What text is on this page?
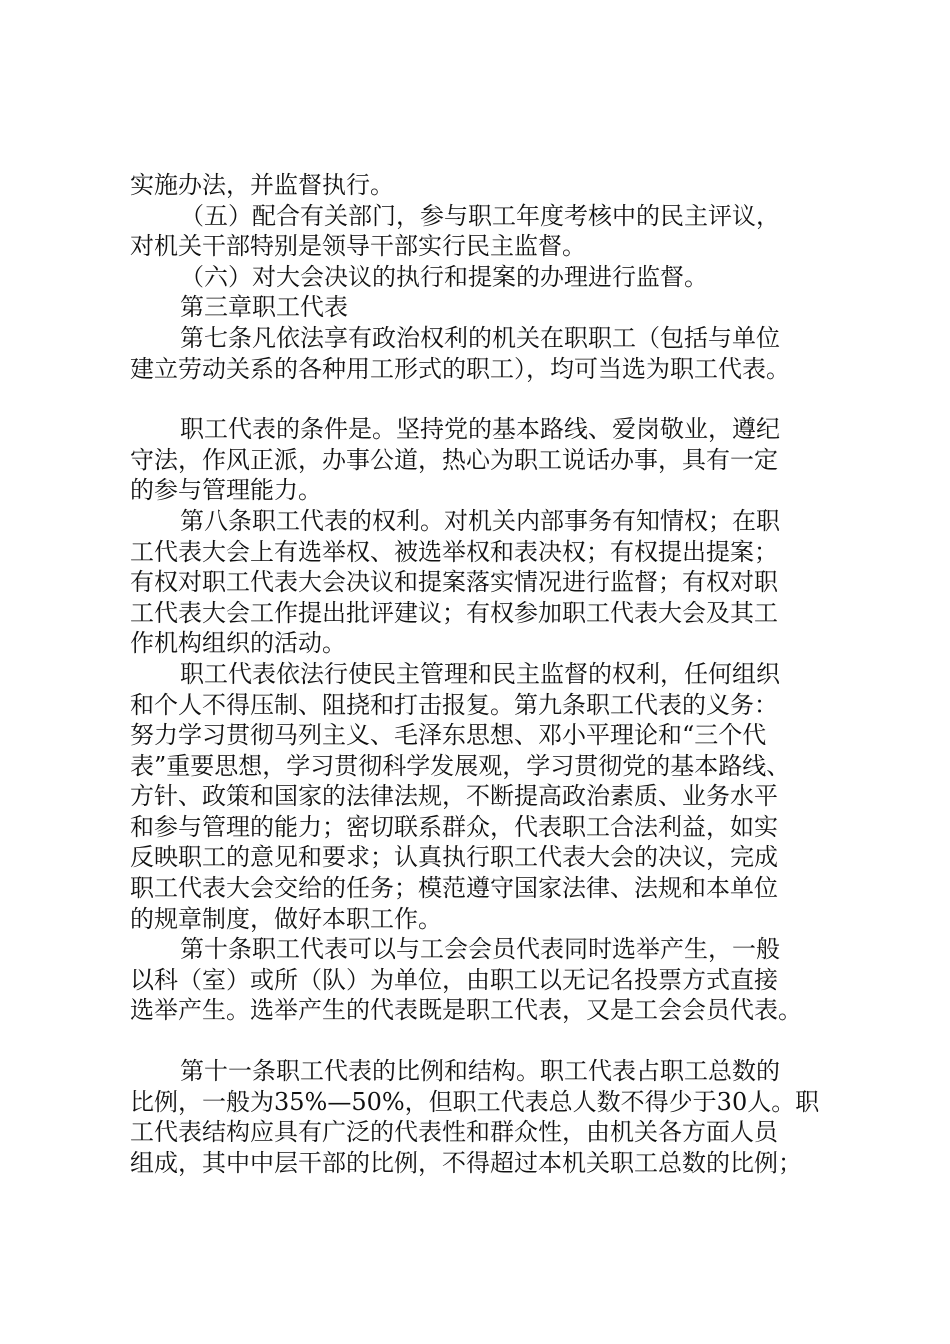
实施办法，并监督执行。

（五）配合有关部门，参与职工年度考核中的民主评议，

对机关干部特别是领导干部实行民主监督。

（六）对大会决议的执行和提案的办理进行监督。

第三章职工代表

第七条凡依法享有政治权利的机关在职职工（包括与单位

建立劳动关系的各种用工形式的职工），均可当选为职工代表。

职工代表的条件是。坚持党的基本路线、爱岗敬业，遵纪

守法，作风正派，办事公道，热心为职工说话办事，具有一定

的参与管理能力。

第八条职工代表的权利。对机关内部事务有知情权；在职

工代表大会上有选举权、被选举权和表决权；有权提出提案；

有权对职工代表大会决议和提案落实情况进行监督；有权对职

工代表大会工作提出批评建议；有权参加职工代表大会及其工

作机构组织的活动。

职工代表依法行使民主管理和民主监督的权利，任何组织

和个人不得压制、阻挠和打击报复。第九条职工代表的义务：

努力学习贯彻马列主义、毛泽东思想、邓小平理论和“三个代

表”重要思想，学习贯彻科学发展观，学习贯彻党的基本路线、

方针、政策和国家的法律法规，不断提高政治素质、业务水平

和参与管理的能力；密切联系群众，代表职工合法利益，如实

反映职工的意见和要求；认真执行职工代表大会的决议，完成

职工代表大会交给的任务；模范遵守国家法律、法规和本单位

的规章制度，做好本职工作。

第十条职工代表可以与工会会员代表同时选举产生，一般

以科（室）或所（队）为单位，由职工以无记名投票方式直接

选举产生。选举产生的代表既是职工代表，又是工会会员代表。

第十一条职工代表的比例和结构。职工代表占职工总数的

比例，一般为35%—50%，但职工代表总人数不得少于30人。职

工代表结构应具有广泛的代表性和群众性，由机关各方面人员

组成，其中中层干部的比例，不得超过本机关职工总数的比例；
